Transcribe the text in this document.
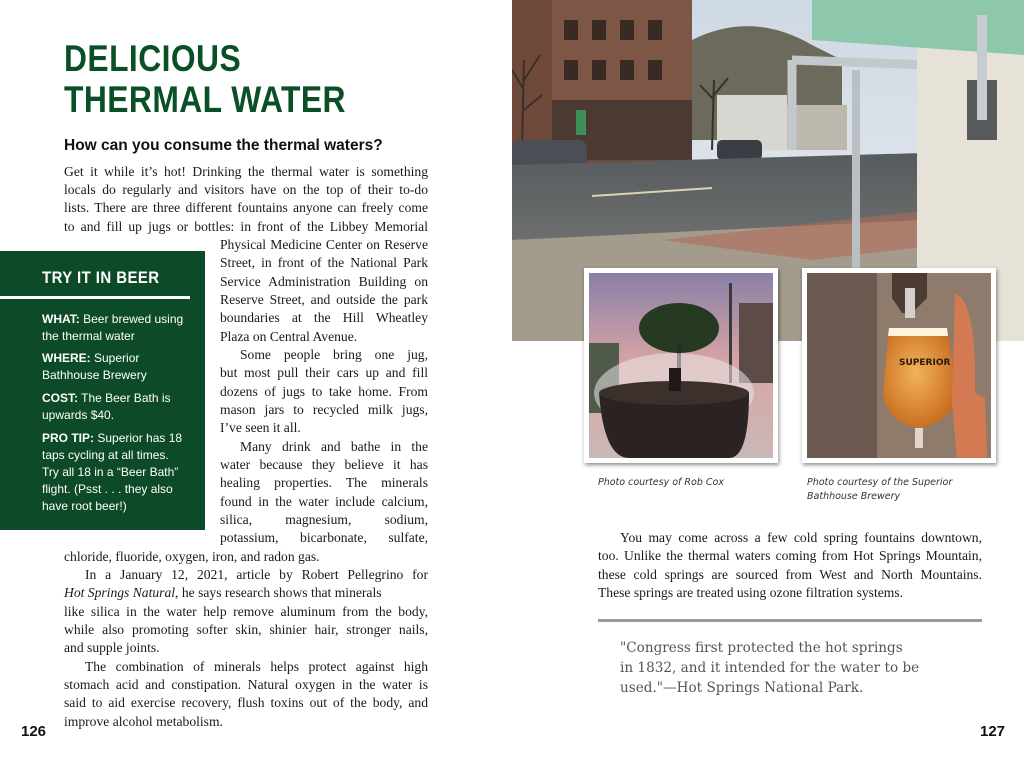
DELICIOUS
THERMAL WATER
How can you consume the thermal waters?
Get it while it’s hot! Drinking the thermal water is something
locals do regularly and visitors have on the top of their to-do
lists. There are three different fountains anyone can freely come
to and fill up jugs or bottles: in front of the Libbey Memorial
Physical Medicine Center on Reserve
Street, in front of the National Park
Service Administration Building on
Reserve Street, and outside the park
boundaries at the Hill Wheatley
Plaza on Central Avenue.
Some people bring one jug,
but most pull their cars up and fill
dozens of jugs to take home. From
mason jars to recycled milk jugs,
I’ve seen it all.
Many drink and bathe in the
water because they believe it has
healing properties. The minerals
found in the water include calcium,
silica, magnesium, sodium,
potassium, bicarbonate, sulfate,
chloride, fluoride, oxygen, iron, and radon gas.
In a January 12, 2021, article by Robert Pellegrino for
Hot Springs Natural, he says research shows that minerals
like silica in the water help remove aluminum from the body,
while also promoting softer skin, shinier hair, stronger nails,
and supple joints.
The combination of minerals helps protect against high
stomach acid and constipation. Natural oxygen in the water is
said to aid exercise recovery, flush toxins out of the body, and
improve alcohol metabolism.
TRY IT IN BEER
WHAT: Beer brewed using the thermal water
WHERE: Superior Bathhouse Brewery
COST: The Beer Bath is upwards $40.
PRO TIP: Superior has 18 taps cycling at all times. Try all 18 in a “Beer Bath” flight. (Psst . . . they also have root beer!)
126
SUPERIOR
Photo courtesy of Rob Cox	Photo courtesy of the Superior
Bathhouse Brewery
You may come across a few cold spring fountains downtown,
too. Unlike the thermal waters coming from Hot Springs Mountain,
these cold springs are sourced from West and North Mountains.
These springs are treated using ozone filtration systems.
"Congress first protected the hot springs
in 1832, and it intended for the water to be
used."—Hot Springs National Park.
127
